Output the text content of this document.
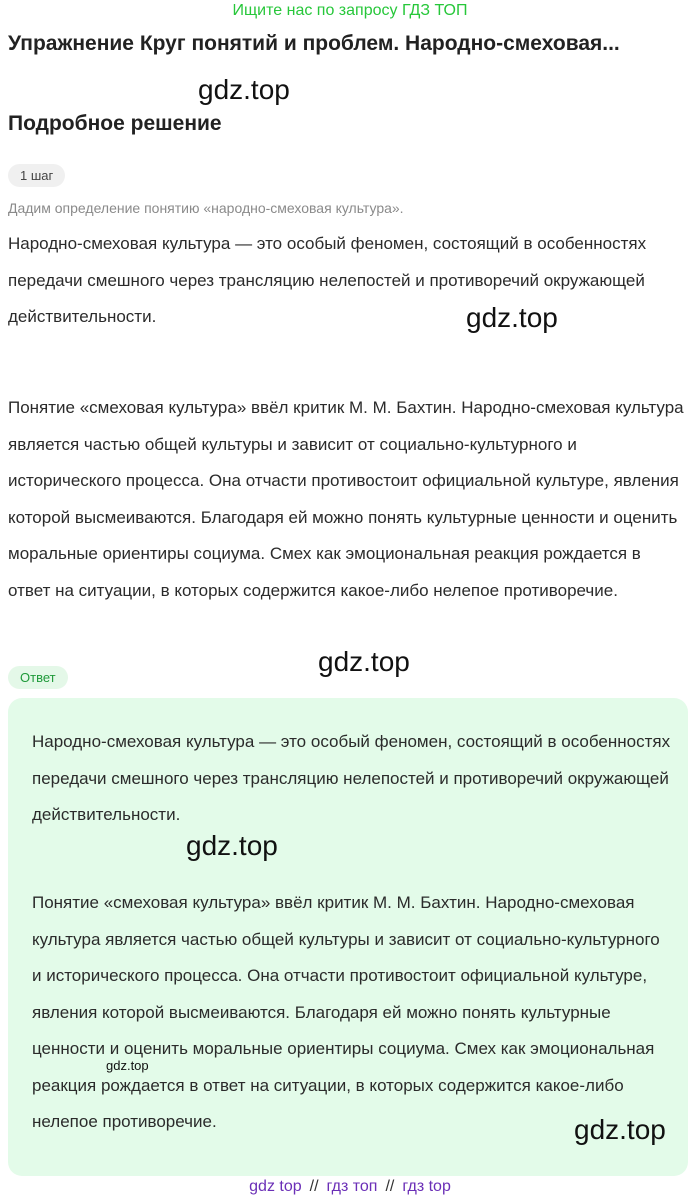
Ищите нас по запросу ГДЗ ТОП
Упражнение Круг понятий и проблем. Народно-смеховая...
gdz.top
Подробное решение
1 шаг
Дадим определение понятию «народно-смеховая культура».
Народно-смеховая культура — это особый феномен, состоящий в особенностях передачи смешного через трансляцию нелепостей и противоречий окружающей действительности.	gdz.top
Понятие «смеховая культура» ввёл критик М. М. Бахтин. Народно-смеховая культура является частью общей культуры и зависит от социально-культурного и исторического процесса. Она отчасти противостоит официальной культуре, явления которой высмеиваются. Благодаря ей можно понять культурные ценности и оценить моральные ориентиры социума. Смех как эмоциональная реакция рождается в ответ на ситуации, в которых содержится какое-либо нелепое противоречие.
gdz.top
Ответ
Народно-смеховая культура — это особый феномен, состоящий в особенностях передачи смешного через трансляцию нелепостей и противоречий окружающей действительности.
gdz.top
Понятие «смеховая культура» ввёл критик М. М. Бахтин. Народно-смеховая культура является частью общей культуры и зависит от социально-культурного и исторического процесса. Она отчасти противостоит официальной культуре, явления которой высмеиваются. Благодаря ей можно понять культурные ценности и оценить моральные ориентиры социума. Смех как эмоциональная реакция рождается в ответ на ситуации, в которых содержится какое-либо нелепое противоречие.
gdz.top
gdz.top
gdz top // гдз топ // гдз top
